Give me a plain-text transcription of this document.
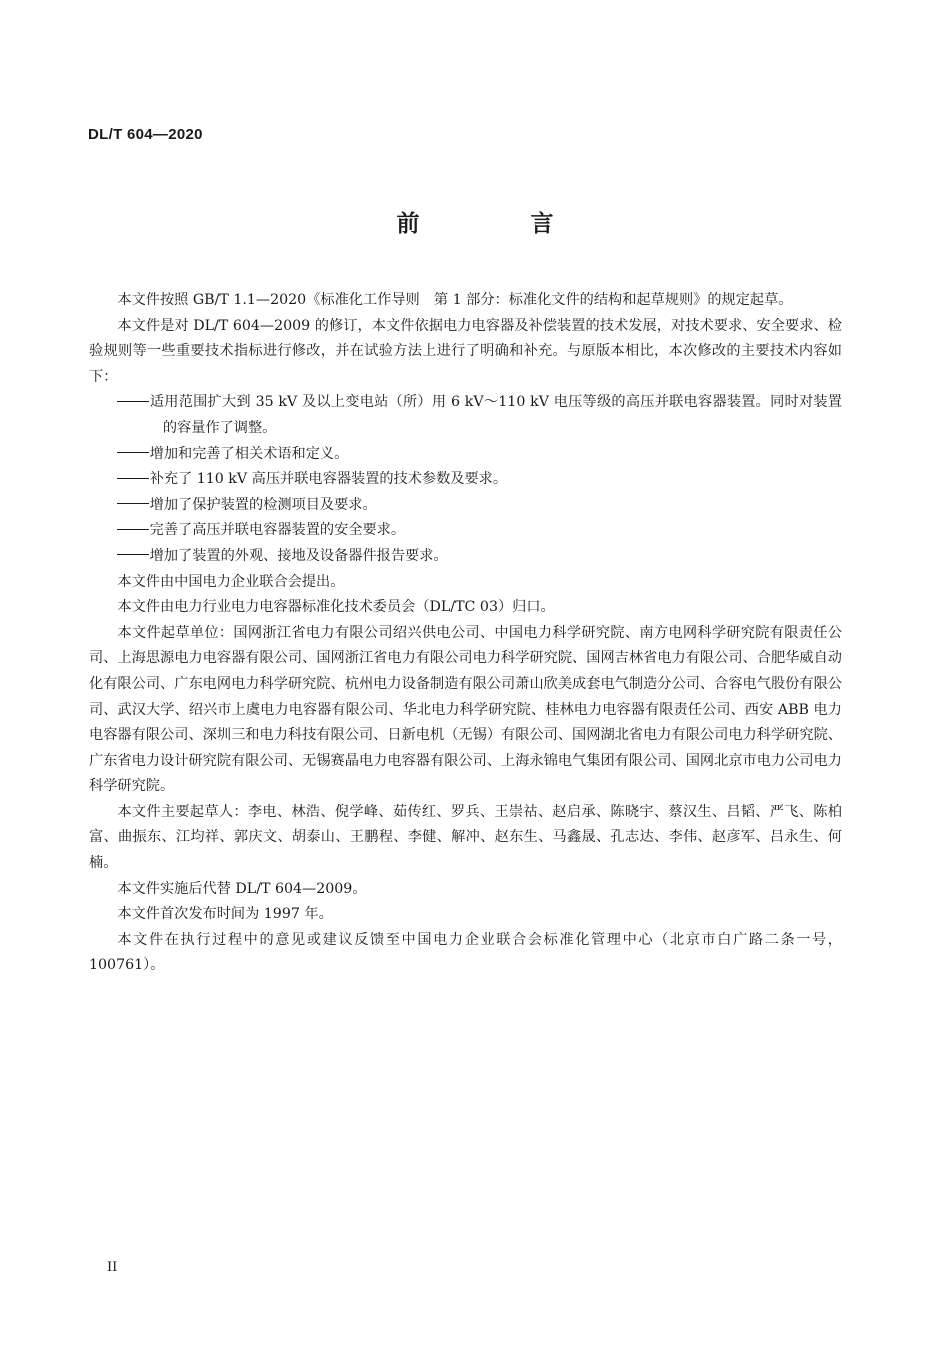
DL/T 604—2020
前　言

本文件按照 GB/T 1.1—2020《标准化工作导则　第 1 部分：标准化文件的结构和起草规则》的规定起草。

本文件是对 DL/T 604—2009 的修订，本文件依据电力电容器及补偿装置的技术发展，对技术要求、安全要求、检验规则等一些重要技术指标进行修改，并在试验方法上进行了明确和补充。与原版本相比，本次修改的主要技术内容如下：

适用范围扩大到 35 kV 及以上变电站（所）用 6 kV～110 kV 电压等级的高压并联电容器装置。同时对装置的容量作了调整。

增加和完善了相关术语和定义。

补充了 110 kV 高压并联电容器装置的技术参数及要求。

增加了保护装置的检测项目及要求。

完善了高压并联电容器装置的安全要求。

增加了装置的外观、接地及设备器件报告要求。

本文件由中国电力企业联合会提出。

本文件由电力行业电力电容器标准化技术委员会（DL/TC 03）归口。

本文件起草单位：国网浙江省电力有限公司绍兴供电公司、中国电力科学研究院、南方电网科学研究院有限责任公司、上海思源电力电容器有限公司、国网浙江省电力有限公司电力科学研究院、国网吉林省电力有限公司、合肥华威自动化有限公司、广东电网电力科学研究院、杭州电力设备制造有限公司萧山欣美成套电气制造分公司、合容电气股份有限公司、武汉大学、绍兴市上虞电力电容器有限公司、华北电力科学研究院、桂林电力电容器有限责任公司、西安 ABB 电力电容器有限公司、深圳三和电力科技有限公司、日新电机（无锡）有限公司、国网湖北省电力有限公司电力科学研究院、广东省电力设计研究院有限公司、无锡赛晶电力电容器有限公司、上海永锦电气集团有限公司、国网北京市电力公司电力科学研究院。

本文件主要起草人：李电、林浩、倪学峰、茹传红、罗兵、王崇祜、赵启承、陈晓宇、蔡汉生、吕韬、严飞、陈柏富、曲振东、江均祥、郭庆文、胡泰山、王鹏程、李健、解冲、赵东生、马鑫晟、孔志达、李伟、赵彦军、吕永生、何楠。

本文件实施后代替 DL/T 604—2009。

本文件首次发布时间为 1997 年。

本文件在执行过程中的意见或建议反馈至中国电力企业联合会标准化管理中心（北京市白广路二条一号，100761）。

II
